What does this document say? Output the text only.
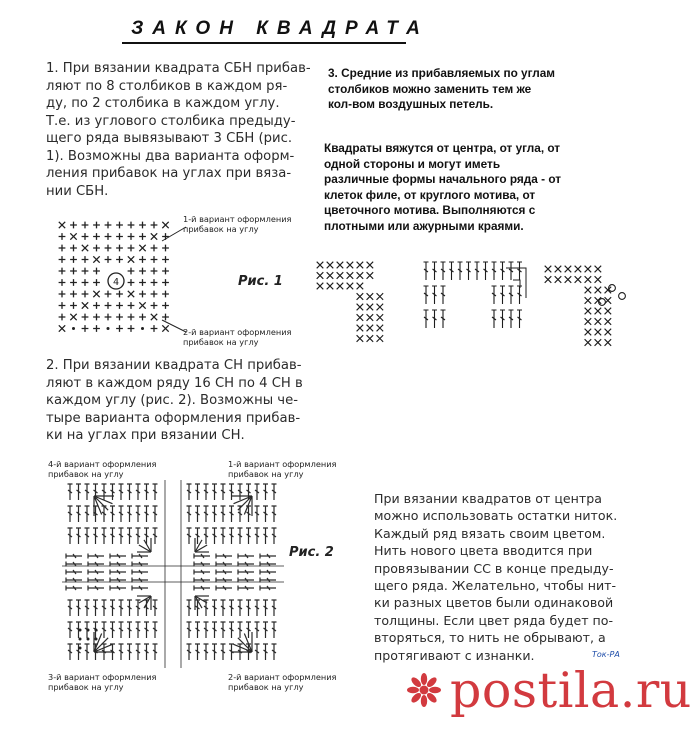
ЗАКОН КВАДРАТА
1. При вязании квадрата СБН прибав-
ляют по 8 столбиков в каждом ря-
ду, по 2 столбика в каждом углу.
Т.е. из углового столбика предыду-
щего ряда вывязывают 3 СБН (рис.
1). Возможны два варианта оформ-
ления прибавок на углах при вяза-
нии СБН.
4
1-й вариант оформления
прибавок на углу
Рис. 1
2-й вариант оформления
прибавок на углу
2. При вязании квадрата СН прибав-
ляют в каждом ряду 16 СН по 4 СН в
каждом углу (рис. 2). Возможны че-
тыре варианта оформления прибав-
ки на углах при вязании СН.
4-й вариант оформления
прибавок на углу
1-й вариант оформления
прибавок на углу
3-й вариант оформления
прибавок на углу
2-й вариант оформления
прибавок на углу
Рис. 2
3. Средние из прибавляемых по углам
столбиков можно заменить тем же
кол-вом воздушных петель.
Квадраты вяжутся от центра, от угла, от
одной стороны и могут иметь
различные формы начального ряда - от
клеток филе, от круглого мотива, от
цветочного мотива. Выполняются с
плотными или ажурными краями.
При вязании квадратов от центра
можно использовать остатки ниток.
Каждый ряд вязать своим цветом.
Нить нового цвета вводится при
провязывании СС в конце предыду-
щего ряда. Желательно, чтобы нит-
ки разных цветов были одинаковой
толщины. Если цвет ряда будет по-
вторяться, то нить не обрывают, а
протягивают с изнанки.	Ток-РА
postila.ru
